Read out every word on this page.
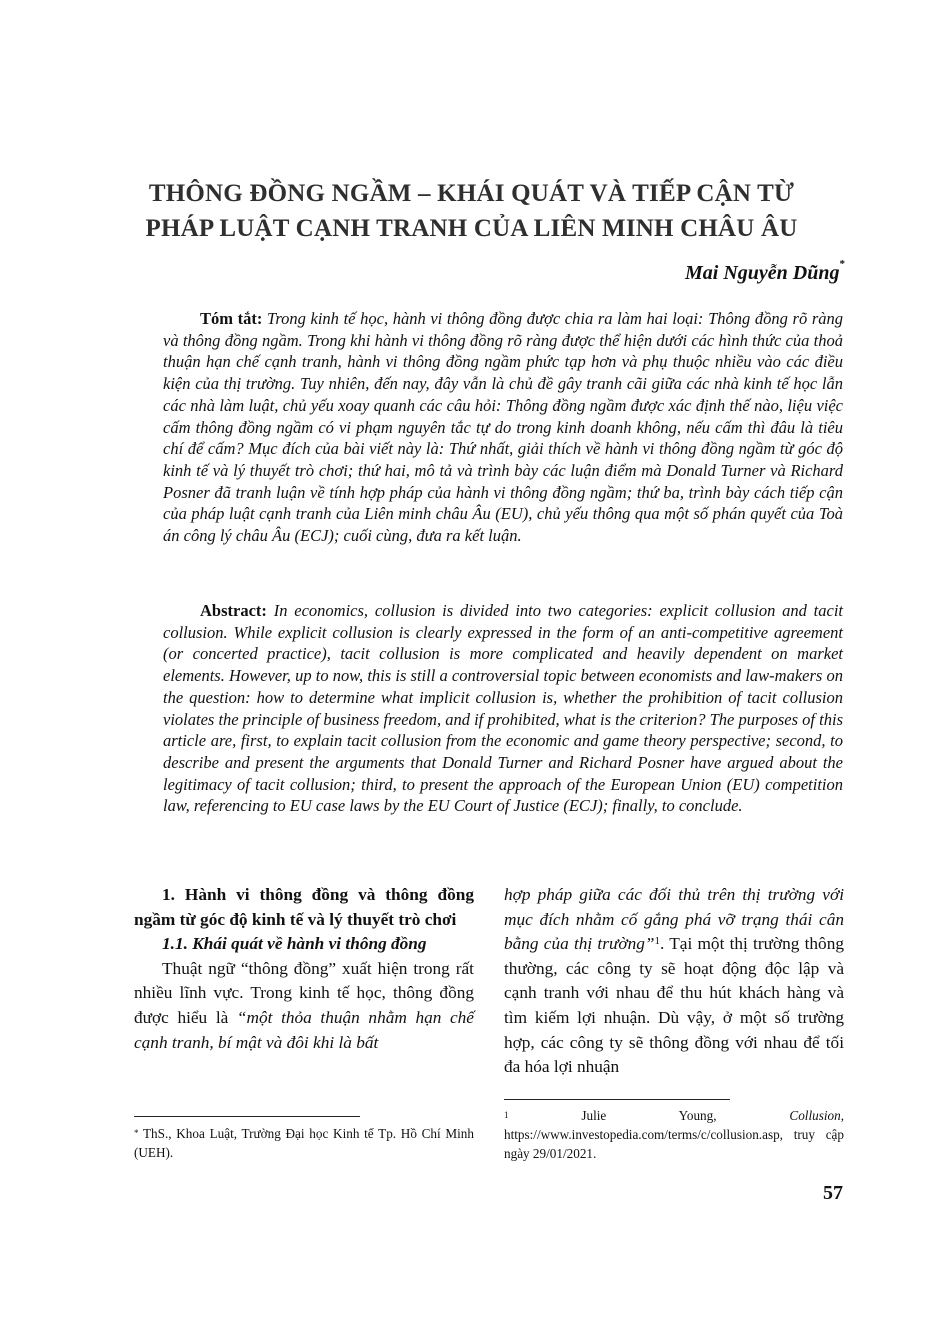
THÔNG ĐỒNG NGẦM – KHÁI QUÁT VÀ TIẾP CẬN TỪ
PHÁP LUẬT CẠNH TRANH CỦA LIÊN MINH CHÂU ÂU
Mai Nguyễn Dũng*
Tóm tắt: Trong kinh tế học, hành vi thông đồng được chia ra làm hai loại: Thông đồng rõ ràng và thông đồng ngầm. Trong khi hành vi thông đồng rõ ràng được thể hiện dưới các hình thức của thoả thuận hạn chế cạnh tranh, hành vi thông đồng ngầm phức tạp hơn và phụ thuộc nhiều vào các điều kiện của thị trường. Tuy nhiên, đến nay, đây vẫn là chủ đề gây tranh cãi giữa các nhà kinh tế học lẫn các nhà làm luật, chủ yếu xoay quanh các câu hỏi: Thông đồng ngầm được xác định thế nào, liệu việc cấm thông đồng ngầm có vi phạm nguyên tắc tự do trong kinh doanh không, nếu cấm thì đâu là tiêu chí để cấm? Mục đích của bài viết này là: Thứ nhất, giải thích về hành vi thông đồng ngầm từ góc độ kinh tế và lý thuyết trò chơi; thứ hai, mô tả và trình bày các luận điểm mà Donald Turner và Richard Posner đã tranh luận về tính hợp pháp của hành vi thông đồng ngầm; thứ ba, trình bày cách tiếp cận của pháp luật cạnh tranh của Liên minh châu Âu (EU), chủ yếu thông qua một số phán quyết của Toà án công lý châu Âu (ECJ); cuối cùng, đưa ra kết luận.
Abstract: In economics, collusion is divided into two categories: explicit collusion and tacit collusion. While explicit collusion is clearly expressed in the form of an anti-competitive agreement (or concerted practice), tacit collusion is more complicated and heavily dependent on market elements. However, up to now, this is still a controversial topic between economists and law-makers on the question: how to determine what implicit collusion is, whether the prohibition of tacit collusion violates the principle of business freedom, and if prohibited, what is the criterion? The purposes of this article are, first, to explain tacit collusion from the economic and game theory perspective; second, to describe and present the arguments that Donald Turner and Richard Posner have argued about the legitimacy of tacit collusion; third, to present the approach of the European Union (EU) competition law, referencing to EU case laws by the EU Court of Justice (ECJ); finally, to conclude.
1. Hành vi thông đồng và thông đồng ngầm từ góc độ kinh tế và lý thuyết trò chơi
1.1. Khái quát về hành vi thông đồng
Thuật ngữ “thông đồng” xuất hiện trong rất nhiều lĩnh vực. Trong kinh tế học, thông đồng được hiểu là “một thỏa thuận nhằm hạn chế cạnh tranh, bí mật và đôi khi là bất
hợp pháp giữa các đối thủ trên thị trường với mục đích nhằm cố gắng phá vỡ trạng thái cân bằng của thị trường”$^1$. Tại một thị trường thông thường, các công ty sẽ hoạt động độc lập và cạnh tranh với nhau để thu hút khách hàng và tìm kiếm lợi nhuận. Dù vậy, ở một số trường hợp, các công ty sẽ thông đồng với nhau để tối đa hóa lợi nhuận
* ThS., Khoa Luật, Trường Đại học Kinh tế Tp. Hồ Chí Minh (UEH).
$^1$ Julie Young, Collusion, https://www.investopedia.com/terms/c/collusion.asp, truy cập ngày 29/01/2021.
57
